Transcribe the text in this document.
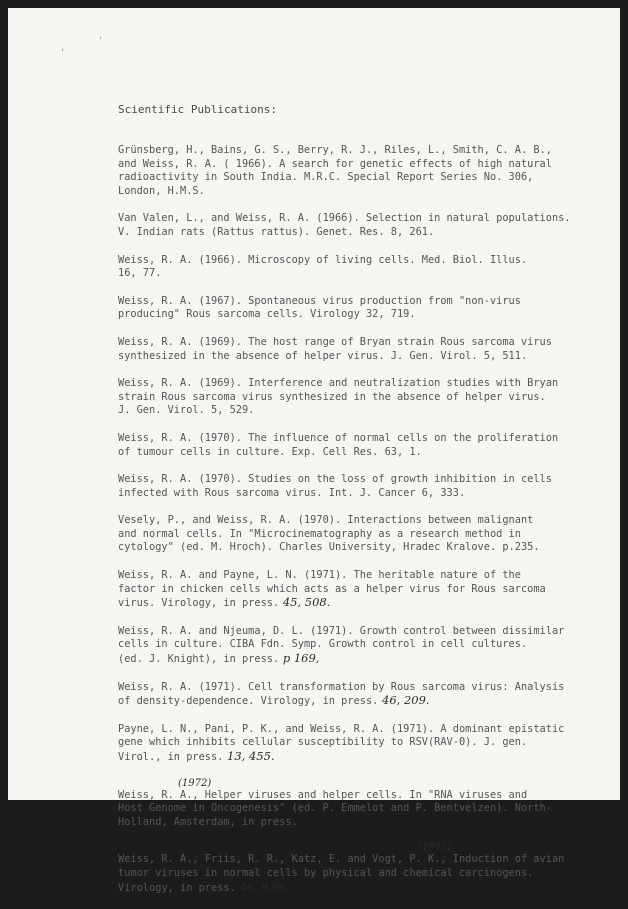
'
'
Scientific Publications:
Grünsberg, H., Bains, G. S., Berry, R. J., Riles, L., Smith, C. A. B.,
and Weiss, R. A. ( 1966). A search for genetic effects of high natural
radioactivity in South India. M.R.C. Special Report Series No. 306,
London, H.M.S.
Van Valen, L., and Weiss, R. A. (1966). Selection in natural populations.
V. Indian rats (Rattus rattus). Genet. Res. 8, 261.
Weiss, R. A. (1966). Microscopy of living cells. Med. Biol. Illus.
16, 77.
Weiss, R. A. (1967). Spontaneous virus production from "non-virus
producing" Rous sarcoma cells. Virology 32, 719.
Weiss, R. A. (1969). The host range of Bryan strain Rous sarcoma virus
synthesized in the absence of helper virus. J. Gen. Virol. 5, 511.
Weiss, R. A. (1969). Interference and neutralization studies with Bryan
strain Rous sarcoma virus synthesized in the absence of helper virus.
J. Gen. Virol. 5, 529.
Weiss, R. A. (1970). The influence of normal cells on the proliferation
of tumour cells in culture. Exp. Cell Res. 63, 1.
Weiss, R. A. (1970). Studies on the loss of growth inhibition in cells
infected with Rous sarcoma virus. Int. J. Cancer 6, 333.
Vesely, P., and Weiss, R. A. (1970). Interactions between malignant
and normal cells. In "Microcinematography as a research method in
cytology" (ed. M. Hroch). Charles University, Hradec Kralove. p.235.
Weiss, R. A. and Payne, L. N. (1971). The heritable nature of the
factor in chicken cells which acts as a helper virus for Rous sarcoma
virus. Virology, in press. 45, 508.
Weiss, R. A. and Njeuma, D. L. (1971). Growth control between dissimilar
cells in culture. CIBA Fdn. Symp. Growth control in cell cultures.
(ed. J. Knight), in press. p 169,
Weiss, R. A. (1971). Cell transformation by Rous sarcoma virus: Analysis
of density-dependence. Virology, in press. 46, 209.
Payne, L. N., Pani, P. K., and Weiss, R. A. (1971). A dominant epistatic
gene which inhibits cellular susceptibility to RSV(RAV-0). J. gen.
Virol., in press. 13, 455.
(1972)
Weiss, R. A., Helper viruses and helper cells. In "RNA viruses and
Host Genome in Oncogenesis" (ed. P. Emmelot and P. Bentvelzen). North-
Holland, Amsterdam, in press.
(1971)
Weiss, R. A., Friis, R. R., Katz, E. and Vogt, P. K., Induction of avian
tumor viruses in normal cells by physical and chemical carcinogens.
Virology, in press. 46, 920.
